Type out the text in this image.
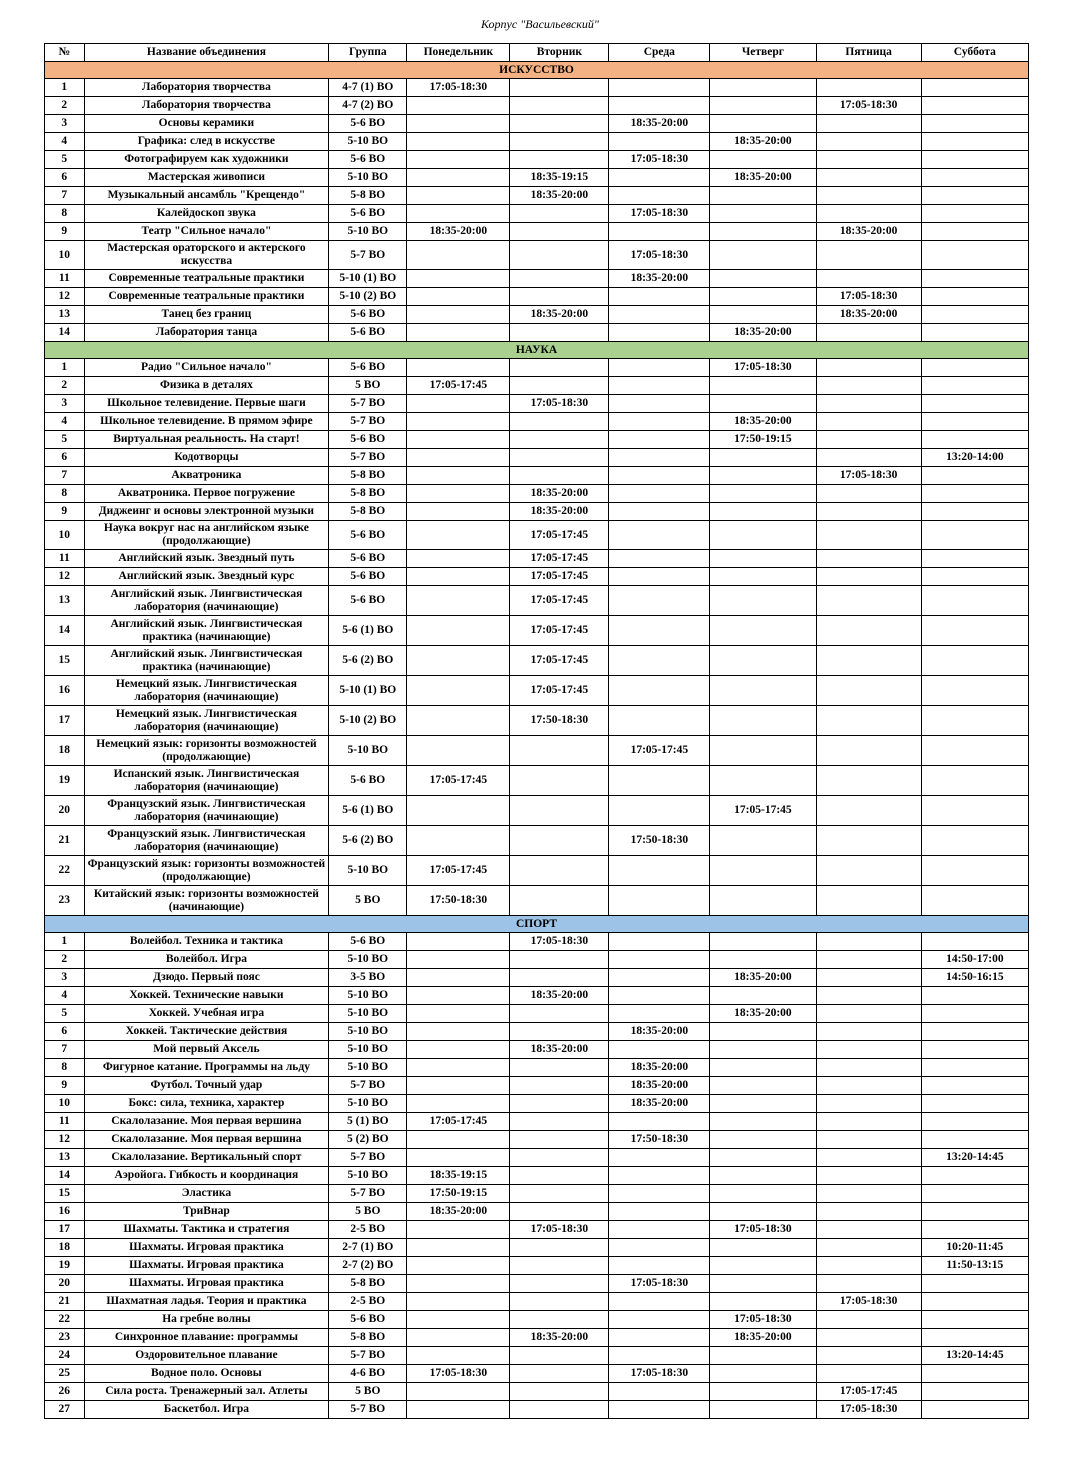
Корпус "Васильевский"
№	Название объединения	Группа	Понедельник	Вторник	Среда	Четверг	Пятница	Суббота
ИСКУССТВО								
1	Лаборатория творчества	4-7 (1) ВО	17:05-18:30					
2	Лаборатория творчества	4-7 (2) ВО					17:05-18:30	
3	Основы керамики	5-6 ВО			18:35-20:00			
4	Графика: след в искусстве	5-10 ВО				18:35-20:00		
5	Фотографируем как художники	5-6 ВО			17:05-18:30			
6	Мастерская живописи	5-10 ВО		18:35-19:15		18:35-20:00		
7	Музыкальный ансамбль "Крещендо"	5-8 ВО		18:35-20:00				
8	Калейдоскоп звука	5-6 ВО			17:05-18:30			
9	Театр "Сильное начало"	5-10 ВО	18:35-20:00				18:35-20:00	
10	Мастерская ораторского и актерского искусства	5-7 ВО			17:05-18:30			
11	Современные театральные практики	5-10 (1) ВО			18:35-20:00			
12	Современные театральные практики	5-10 (2) ВО					17:05-18:30	
13	Танец без границ	5-6 ВО		18:35-20:00			18:35-20:00	
14	Лаборатория танца	5-6 ВО				18:35-20:00		
НАУКА								
1	Радио "Сильное начало"	5-6 ВО				17:05-18:30		
2	Физика в деталях	5 ВО	17:05-17:45					
3	Школьное телевидение. Первые шаги	5-7 ВО		17:05-18:30				
4	Школьное телевидение. В прямом эфире	5-7 ВО				18:35-20:00		
5	Виртуальная реальность. На старт!	5-6 ВО				17:50-19:15		
6	Кодотворцы	5-7 ВО						13:20-14:00
7	Акватроника	5-8 ВО					17:05-18:30	
8	Акватроника. Первое погружение	5-8 ВО		18:35-20:00				
9	Диджеинг и основы электронной музыки	5-8 ВО		18:35-20:00				
10	Наука вокруг нас на английском языке (продолжающие)	5-6 ВО		17:05-17:45				
11	Английский язык. Звездный путь	5-6 ВО		17:05-17:45				
12	Английский язык. Звездный курс	5-6 ВО		17:05-17:45				
13	Английский язык. Лингвистическая лаборатория (начинающие)	5-6 ВО		17:05-17:45				
14	Английский язык. Лингвистическая практика (начинающие)	5-6 (1) ВО		17:05-17:45				
15	Английский язык. Лингвистическая практика (начинающие)	5-6 (2) ВО		17:05-17:45				
16	Немецкий язык. Лингвистическая лаборатория (начинающие)	5-10 (1) ВО		17:05-17:45				
17	Немецкий язык. Лингвистическая лаборатория (начинающие)	5-10 (2) ВО		17:50-18:30				
18	Немецкий язык: горизонты возможностей (продолжающие)	5-10 ВО			17:05-17:45			
19	Испанский язык. Лингвистическая лаборатория (начинающие)	5-6 ВО	17:05-17:45					
20	Французский язык. Лингвистическая лаборатория (начинающие)	5-6 (1) ВО				17:05-17:45		
21	Французский язык. Лингвистическая лаборатория (начинающие)	5-6 (2) ВО			17:50-18:30			
22	Французский язык: горизонты возможностей (продолжающие)	5-10 ВО	17:05-17:45					
23	Китайский язык: горизонты возможностей (начинающие)	5 ВО	17:50-18:30					
СПОРТ								
1	Волейбол. Техника и тактика	5-6 ВО		17:05-18:30				
2	Волейбол. Игра	5-10 ВО						14:50-17:00
3	Дзюдо. Первый пояс	3-5 ВО				18:35-20:00		14:50-16:15
4	Хоккей. Технические навыки	5-10 ВО		18:35-20:00				
5	Хоккей. Учебная игра	5-10 ВО				18:35-20:00		
6	Хоккей. Тактические действия	5-10 ВО			18:35-20:00			
7	Мой первый Аксель	5-10 ВО		18:35-20:00				
8	Фигурное катание. Программы на льду	5-10 ВО			18:35-20:00			
9	Футбол. Точный удар	5-7 ВО			18:35-20:00			
10	Бокс: сила, техника, характер	5-10 ВО			18:35-20:00			
11	Скалолазание. Моя первая вершина	5 (1) ВО	17:05-17:45					
12	Скалолазание. Моя первая вершина	5 (2) ВО			17:50-18:30			
13	Скалолазание. Вертикальный спорт	5-7 ВО						13:20-14:45
14	Аэройога. Гибкость и координация	5-10 ВО	18:35-19:15					
15	Эластика	5-7 ВО	17:50-19:15					
16	ТриВнар	5 ВО	18:35-20:00					
17	Шахматы. Тактика и стратегия	2-5 ВО		17:05-18:30		17:05-18:30		
18	Шахматы. Игровая практика	2-7 (1) ВО						10:20-11:45
19	Шахматы. Игровая практика	2-7 (2) ВО						11:50-13:15
20	Шахматы. Игровая практика	5-8 ВО			17:05-18:30			
21	Шахматная ладья. Теория и практика	2-5 ВО					17:05-18:30	
22	На гребне волны	5-6 ВО				17:05-18:30		
23	Синхронное плавание: программы	5-8 ВО		18:35-20:00		18:35-20:00		
24	Оздоровительное плавание	5-7 ВО						13:20-14:45
25	Водное поло. Основы	4-6 ВО	17:05-18:30		17:05-18:30			
26	Сила роста. Тренажерный зал. Атлеты	5 ВО					17:05-17:45	
27	Баскетбол. Игра	5-7 ВО					17:05-18:30	
